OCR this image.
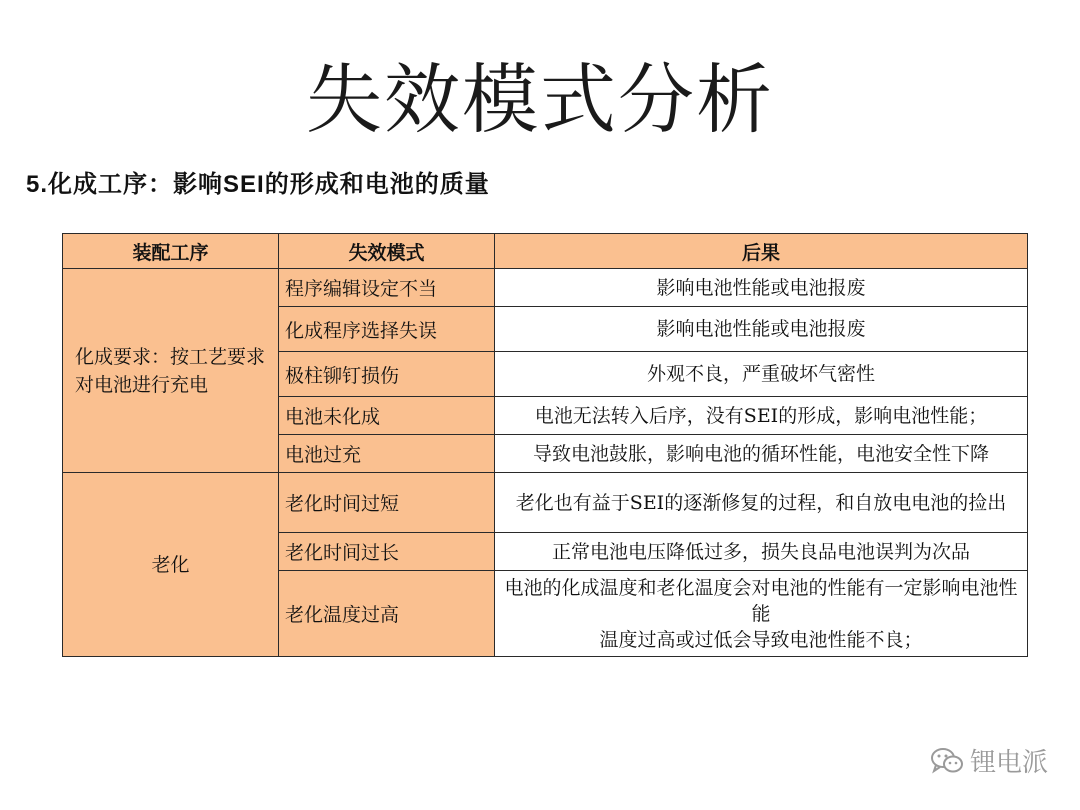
失效模式分析
5.化成工序：影响SEI的形成和电池的质量
装配工序	失效模式	后果
化成要求：按工艺要求对电池进行充电	程序编辑设定不当	影响电池性能或电池报废
	化成程序选择失误	影响电池性能或电池报废
	极柱铆钉损伤	外观不良，严重破坏气密性
	电池未化成	电池无法转入后序，没有SEI的形成，影响电池性能；
	电池过充	导致电池鼓胀，影响电池的循环性能，电池安全性下降
老化	老化时间过短	老化也有益于SEI的逐渐修复的过程，和自放电电池的捡出
	老化时间过长	正常电池电压降低过多，损失良品电池误判为次品
	老化温度过高	电池的化成温度和老化温度会对电池的性能有一定影响电池性能
温度过高或过低会导致电池性能不良；
锂电派
